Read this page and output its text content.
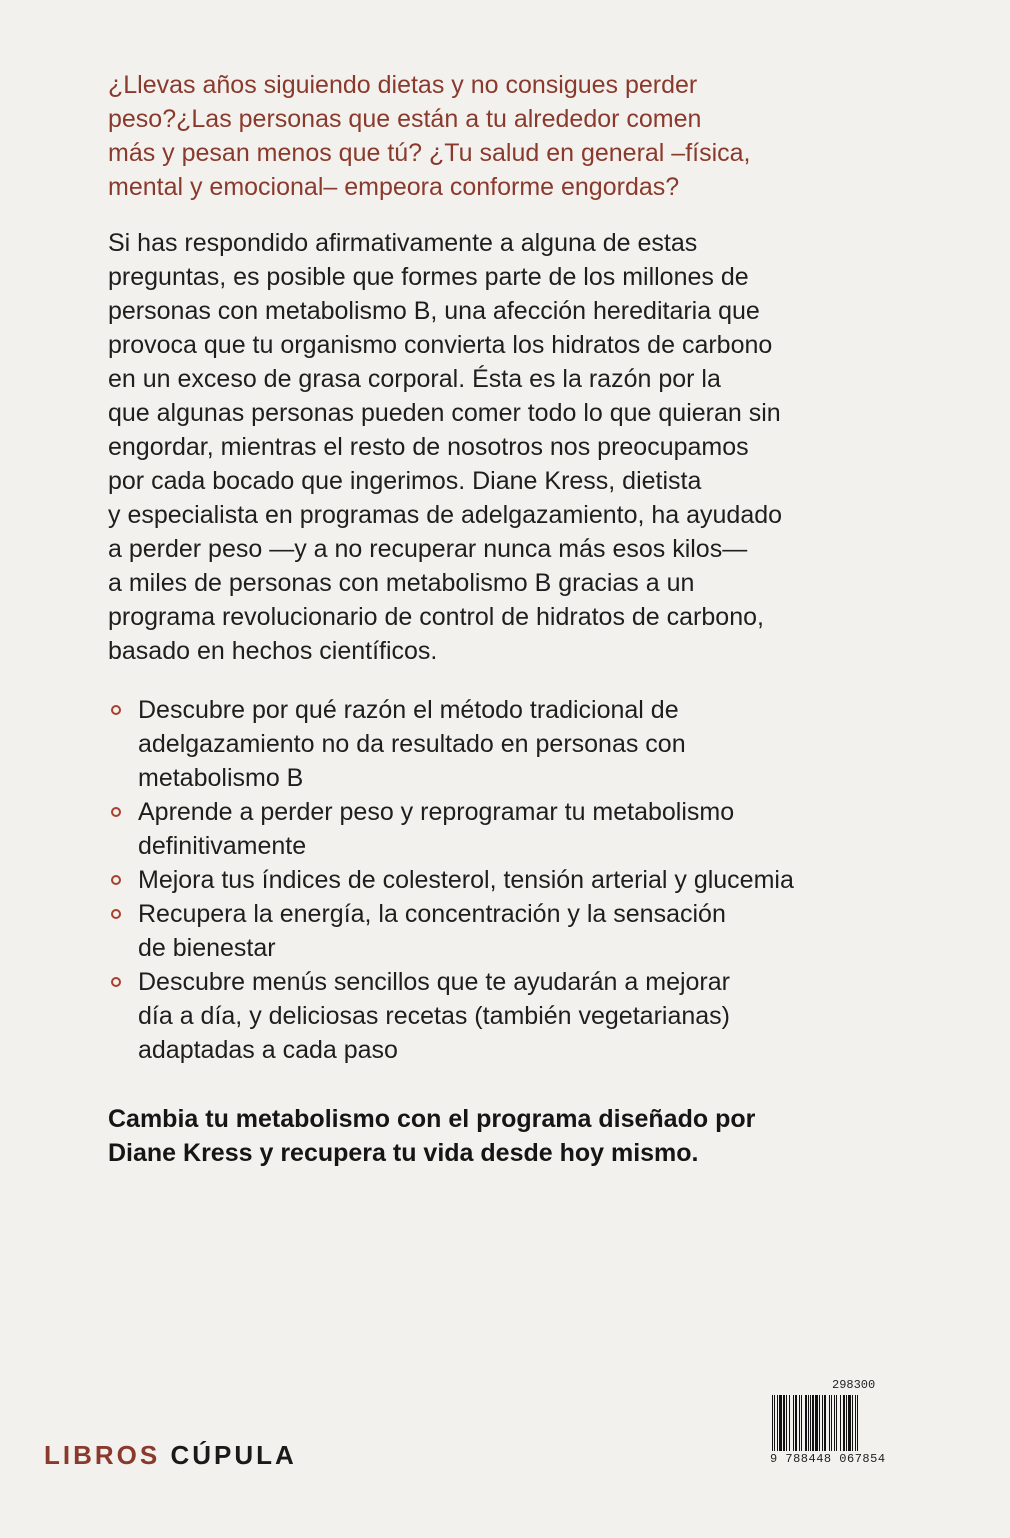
¿Llevas años siguiendo dietas y no consigues perder
peso?¿Las personas que están a tu alrededor comen
más y pesan menos que tú? ¿Tu salud en general –física,
mental y emocional– empeora conforme engordas?
Si has respondido afirmativamente a alguna de estas
preguntas, es posible que formes parte de los millones de
personas con metabolismo B, una afección hereditaria que
provoca que tu organismo convierta los hidratos de carbono
en un exceso de grasa corporal. Ésta es la razón por la
que algunas personas pueden comer todo lo que quieran sin
engordar, mientras el resto de nosotros nos preocupamos
por cada bocado que ingerimos. Diane Kress, dietista
y especialista en programas de adelgazamiento, ha ayudado
a perder peso —y a no recuperar nunca más esos kilos—
a miles de personas con metabolismo B gracias a un
programa revolucionario de control de hidratos de carbono,
basado en hechos científicos.
Descubre por qué razón el método tradicional de
adelgazamiento no da resultado en personas con
metabolismo B
Aprende a perder peso y reprogramar tu metabolismo
definitivamente
Mejora tus índices de colesterol, tensión arterial y glucemia
Recupera la energía, la concentración y la sensación
de bienestar
Descubre menús sencillos que te ayudarán a mejorar
día a día, y deliciosas recetas (también vegetarianas)
adaptadas a cada paso
Cambia tu metabolismo con el programa diseñado por
Diane Kress y recupera tu vida desde hoy mismo.
LIBROS CÚPULA
298300
9 788448 067854
